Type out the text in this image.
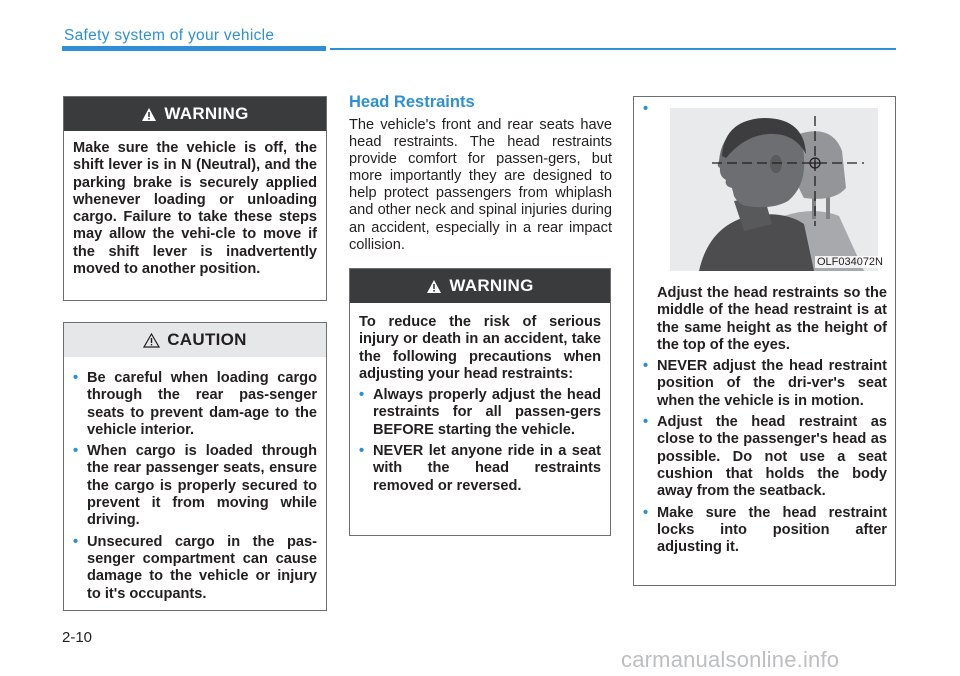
Safety system of your vehicle
WARNING
Make sure the vehicle is off, the shift lever is in N (Neutral), and the parking brake is securely applied whenever loading or unloading cargo. Failure to take these steps may allow the vehi-cle to move if the shift lever is inadvertently moved to another position.
CAUTION
• Be careful when loading cargo through the rear pas-senger seats to prevent dam-age to the vehicle interior.
• When cargo is loaded through the rear passenger seats, ensure the cargo is properly secured to prevent it from moving while driving.
• Unsecured cargo in the pas-senger compartment can cause damage to the vehicle or injury to it's occupants.
Head Restraints
The vehicle's front and rear seats have head restraints. The head restraints provide comfort for passen-gers, but more importantly they are designed to help protect passengers from whiplash and other neck and spinal injuries during an accident, especially in a rear impact collision.
WARNING
To reduce the risk of serious injury or death in an accident, take the following precautions when adjusting your head restraints:
• Always properly adjust the head restraints for all passen-gers BEFORE starting the vehicle.
• NEVER let anyone ride in a seat with the head restraints removed or reversed.
•
OLF034072N
Adjust the head restraints so the middle of the head restraint is at the same height as the height of the top of the eyes.
• NEVER adjust the head restraint position of the dri-ver's seat when the vehicle is in motion.
• Adjust the head restraint as close to the passenger's head as possible. Do not use a seat cushion that holds the body away from the seatback.
• Make sure the head restraint locks into position after adjusting it.
2-10
carmanualsonline.info
